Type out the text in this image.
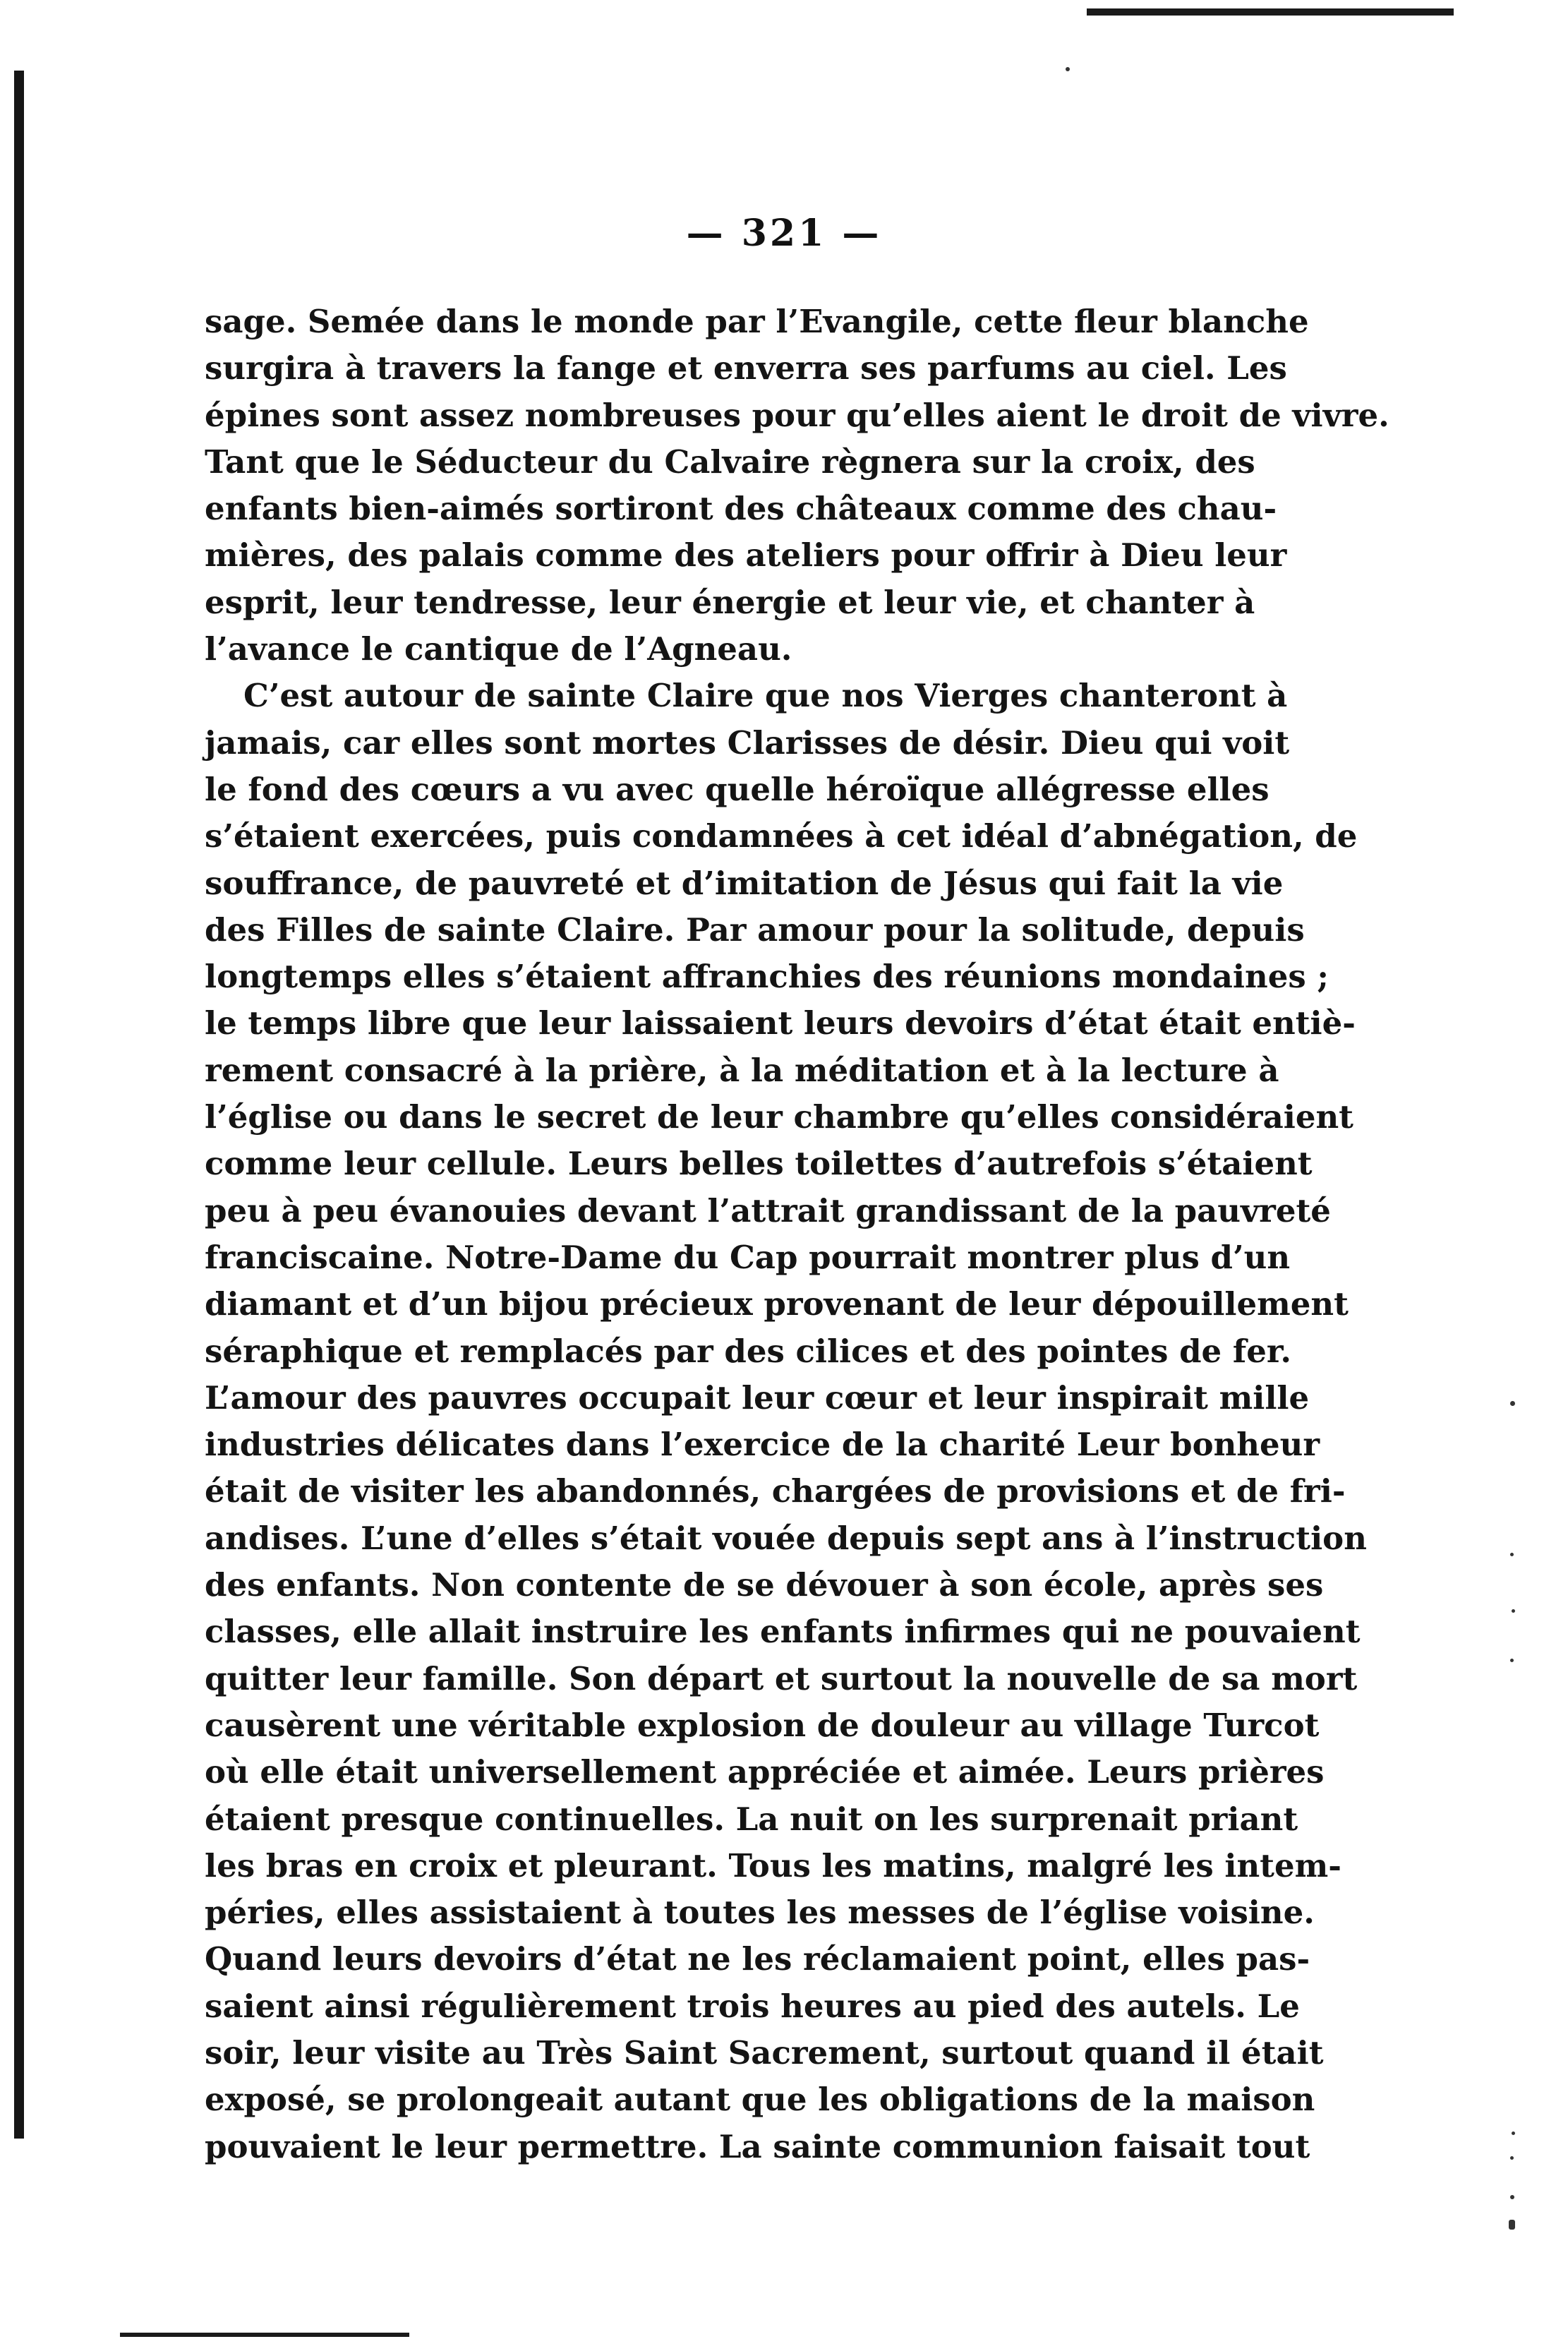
— 321 —
sage. Semée dans le monde par l’Evangile, cette fleur blanche
surgira à travers la fange et enverra ses parfums au ciel. Les
épines sont assez nombreuses pour qu’elles aient le droit de vivre.
Tant que le Séducteur du Calvaire règnera sur la croix, des
enfants bien-aimés sortiront des châteaux comme des chau-
mières, des palais comme des ateliers pour offrir à Dieu leur
esprit, leur tendresse, leur énergie et leur vie, et chanter à
l’avance le cantique de l’Agneau.
C’est autour de sainte Claire que nos Vierges chanteront à
jamais, car elles sont mortes Clarisses de désir. Dieu qui voit
le fond des cœurs a vu avec quelle héroïque allégresse elles
s’étaient exercées, puis condamnées à cet idéal d’abnégation, de
souffrance, de pauvreté et d’imitation de Jésus qui fait la vie
des Filles de sainte Claire. Par amour pour la solitude, depuis
longtemps elles s’étaient affranchies des réunions mondaines ;
le temps libre que leur laissaient leurs devoirs d’état était entiè-
rement consacré à la prière, à la méditation et à la lecture à
l’église ou dans le secret de leur chambre qu’elles considéraient
comme leur cellule. Leurs belles toilettes d’autrefois s’étaient
peu à peu évanouies devant l’attrait grandissant de la pauvreté
franciscaine. Notre-Dame du Cap pourrait montrer plus d’un
diamant et d’un bijou précieux provenant de leur dépouillement
séraphique et remplacés par des cilices et des pointes de fer.
L’amour des pauvres occupait leur cœur et leur inspirait mille
industries délicates dans l’exercice de la charité Leur bonheur
était de visiter les abandonnés, chargées de provisions et de fri-
andises. L’une d’elles s’était vouée depuis sept ans à l’instruction
des enfants. Non contente de se dévouer à son école, après ses
classes, elle allait instruire les enfants infirmes qui ne pouvaient
quitter leur famille. Son départ et surtout la nouvelle de sa mort
causèrent une véritable explosion de douleur au village Turcot
où elle était universellement appréciée et aimée. Leurs prières
étaient presque continuelles. La nuit on les surprenait priant
les bras en croix et pleurant. Tous les matins, malgré les intem-
péries, elles assistaient à toutes les messes de l’église voisine.
Quand leurs devoirs d’état ne les réclamaient point, elles pas-
saient ainsi régulièrement trois heures au pied des autels. Le
soir, leur visite au Très Saint Sacrement, surtout quand il était
exposé, se prolongeait autant que les obligations de la maison
pouvaient le leur permettre. La sainte communion faisait tout
